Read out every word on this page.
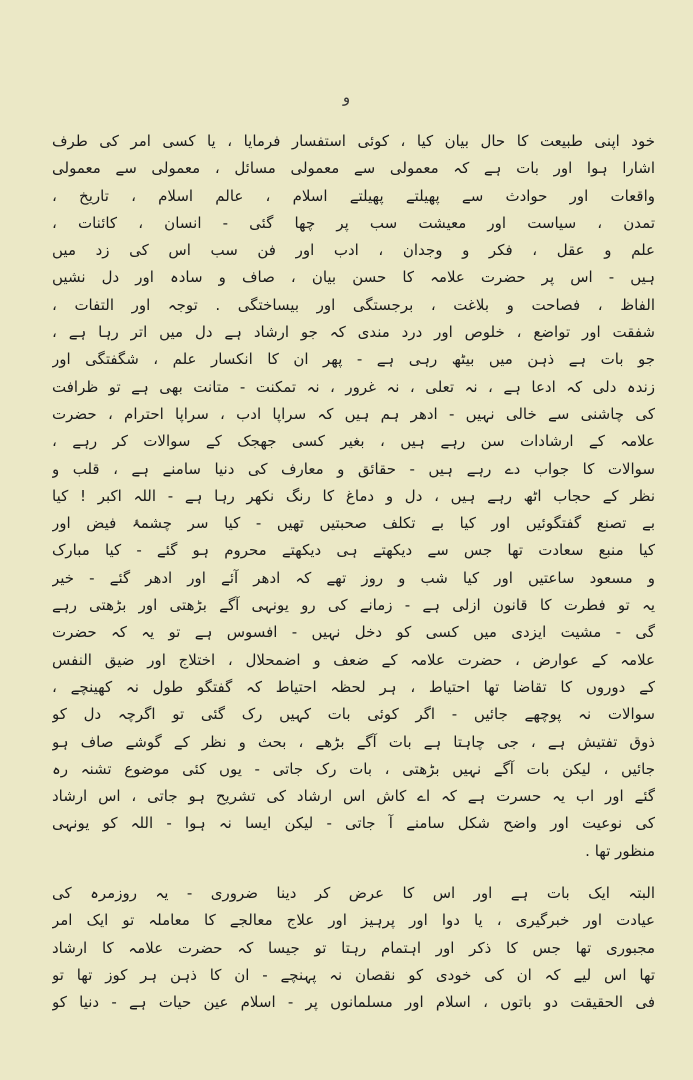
و
خود اپنی طبیعت کا حال بیان کیا ، کوئی استفسار فرمایا ، یا کسی امر کی طرف
اشارا ہوا اور بات ہے کہ معمولی سے معمولی مسائل ، معمولی سے معمولی
واقعات اور حوادث سے پھیلتے پھیلتے اسلام ، عالم اسلام ، تاریخ ،
تمدن ، سیاست اور معیشت سب پر چھا گئی - انسان ، کائنات ،
علم و عقل ، فکر و وجدان ، ادب اور فن سب اس کی زد میں
ہیں - اس پر حضرت علامہ کا حسن بیان ، صاف و سادہ اور دل نشیں
الفاظ ، فصاحت و بلاغت ، برجستگی اور بیساختگی . توجہ اور التفات ،
شفقت اور تواضع ، خلوص اور درد مندی کہ جو ارشاد ہے دل میں اتر رہا ہے ،
جو بات ہے ذہن میں بیٹھ رہی ہے - پھر ان کا انکسار علم ، شگفتگی اور
زندہ دلی کہ ادعا ہے ، نہ تعلی ، نہ غرور ، نہ تمکنت - متانت بھی ہے تو ظرافت
کی چاشنی سے خالی نہیں - ادھر ہم ہیں کہ سراپا ادب ، سراپا احترام ، حضرت
علامہ کے ارشادات سن رہے ہیں ، بغیر کسی جھجک کے سوالات کر رہے ،
سوالات کا جواب دے رہے ہیں - حقائق و معارف کی دنیا سامنے ہے ، قلب و
نظر کے حجاب اٹھ رہے ہیں ، دل و دماغ کا رنگ نکھر رہا ہے - اللہ اکبر ! کیا
بے تصنع گفتگوئیں اور کیا بے تکلف صحبتیں تھیں - کیا سر چشمۂ فیض اور
کیا منبع سعادت تھا جس سے دیکھتے ہی دیکھتے محروم ہو گئے - کیا مبارک
و مسعود ساعتیں اور کیا شب و روز تھے کہ ادھر آئے اور ادھر گئے - خیر
یہ تو فطرت کا قانون ازلی ہے - زمانے کی رو یونہی آگے بڑھتی اور بڑھتی رہے
گی - مشیت ایزدی میں کسی کو دخل نہیں - افسوس ہے تو یہ کہ حضرت
علامہ کے عوارض ، حضرت علامہ کے ضعف و اضمحلال ، اختلاج اور ضیق النفس
کے دوروں کا تقاضا تھا احتیاط ، ہر لحظہ احتیاط کہ گفتگو طول نہ کھینچے ،
سوالات نہ پوچھے جائیں - اگر کوئی بات کہیں رک گئی تو اگرچہ دل کو
ذوق تفتیش ہے ، جی چاہتا ہے بات آگے بڑھے ، بحث و نظر کے گوشے صاف ہو
جائیں ، لیکن بات آگے نہیں بڑھتی ، بات رک جاتی - یوں کئی موضوع تشنہ رہ
گئے اور اب یہ حسرت ہے کہ اے کاش اس ارشاد کی تشریح ہو جاتی ، اس ارشاد
کی نوعیت اور واضح شکل سامنے آ جاتی - لیکن ایسا نہ ہوا - اللہ کو یونہی
منظور تھا .
البتہ ایک بات ہے اور اس کا عرض کر دینا ضروری - یہ روزمرہ کی
عیادت اور خبرگیری ، یا دوا اور پرہیز اور علاج معالجے کا معاملہ تو ایک امر
مجبوری تھا جس کا ذکر اور اہتمام رہتا تو جیسا کہ حضرت علامہ کا ارشاد
تھا اس لیے کہ ان کی خودی کو نقصان نہ پہنچے - ان کا ذہن ہر کوز تھا تو
فی الحقیقت دو باتوں ، اسلام اور مسلمانوں پر - اسلام عین حیات ہے - دنیا کو
